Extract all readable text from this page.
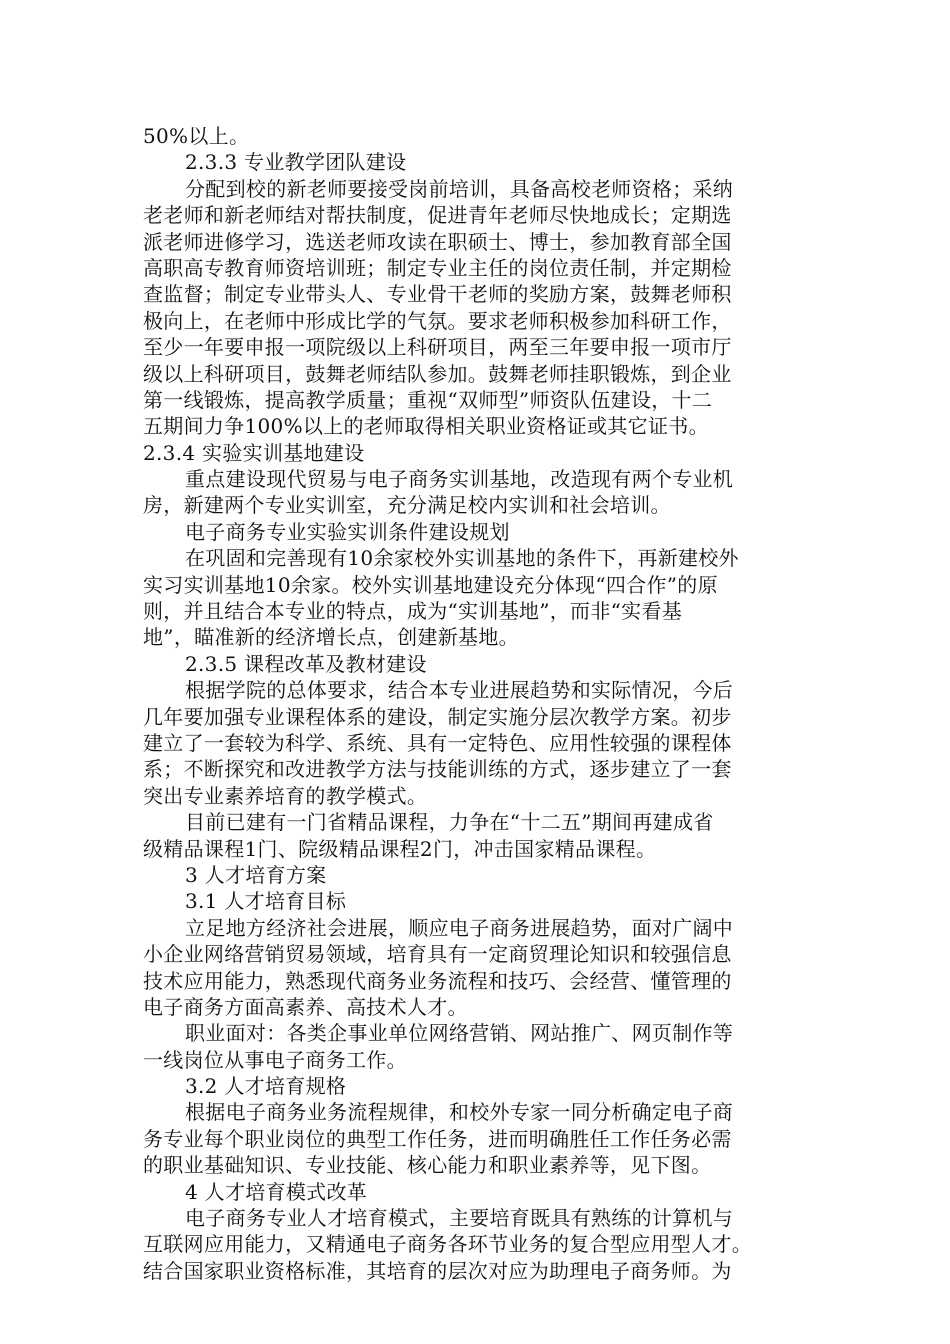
50%以上。
2.3.3 专业教学团队建设
分配到校的新老师要接受岗前培训，具备高校老师资格；采纳
老老师和新老师结对帮扶制度，促进青年老师尽快地成长；定期选
派老师进修学习，选送老师攻读在职硕士、博士，参加教育部全国
高职高专教育师资培训班；制定专业主任的岗位责任制，并定期检
查监督；制定专业带头人、专业骨干老师的奖励方案，鼓舞老师积
极向上，在老师中形成比学的气氛。要求老师积极参加科研工作，
至少一年要申报一项院级以上科研项目，两至三年要申报一项市厅
级以上科研项目，鼓舞老师结队参加。鼓舞老师挂职锻炼，到企业
第一线锻炼，提高教学质量；重视“双师型”师资队伍建设，十二
五期间力争100%以上的老师取得相关职业资格证或其它证书。
2.3.4 实验实训基地建设
重点建设现代贸易与电子商务实训基地，改造现有两个专业机
房，新建两个专业实训室，充分满足校内实训和社会培训。
电子商务专业实验实训条件建设规划
在巩固和完善现有10余家校外实训基地的条件下，再新建校外
实习实训基地10余家。校外实训基地建设充分体现“四合作”的原
则，并且结合本专业的特点，成为“实训基地”，而非“实看基
地”，瞄准新的经济增长点，创建新基地。
2.3.5 课程改革及教材建设
根据学院的总体要求，结合本专业进展趋势和实际情况，今后
几年要加强专业课程体系的建设，制定实施分层次教学方案。初步
建立了一套较为科学、系统、具有一定特色、应用性较强的课程体
系；不断探究和改进教学方法与技能训练的方式，逐步建立了一套
突出专业素养培育的教学模式。
目前已建有一门省精品课程，力争在“十二五”期间再建成省
级精品课程1门、院级精品课程2门，冲击国家精品课程。
3 人才培育方案
3.1 人才培育目标
立足地方经济社会进展，顺应电子商务进展趋势，面对广阔中
小企业网络营销贸易领域，培育具有一定商贸理论知识和较强信息
技术应用能力，熟悉现代商务业务流程和技巧、会经营、懂管理的
电子商务方面高素养、高技术人才。
职业面对：各类企事业单位网络营销、网站推广、网页制作等
一线岗位从事电子商务工作。
3.2 人才培育规格
根据电子商务业务流程规律，和校外专家一同分析确定电子商
务专业每个职业岗位的典型工作任务，进而明确胜任工作任务必需
的职业基础知识、专业技能、核心能力和职业素养等，见下图。
4 人才培育模式改革
电子商务专业人才培育模式，主要培育既具有熟练的计算机与
互联网应用能力，又精通电子商务各环节业务的复合型应用型人才。
结合国家职业资格标准，其培育的层次对应为助理电子商务师。为
